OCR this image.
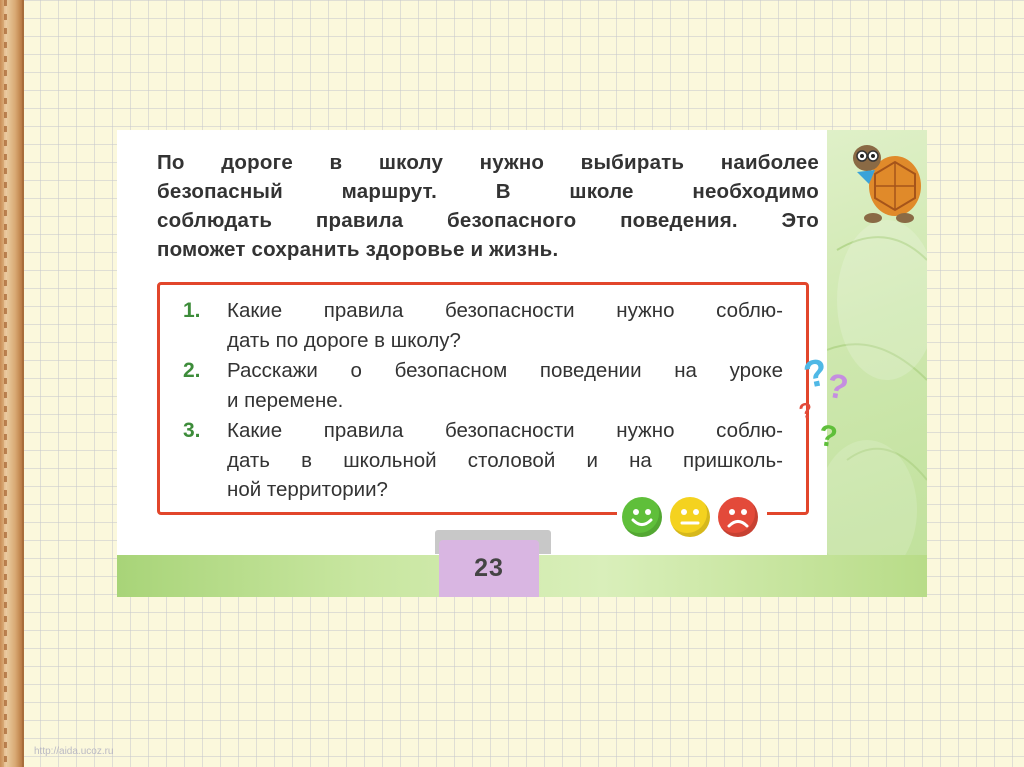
http://aida.ucoz.ru
По дороге в школу нужно выбирать наиболее
безопасный маршрут. В школе необходимо
соблюдать правила безопасного поведения. Это
поможет сохранить здоровье и жизнь.
1. Какие правила безопасности нужно соблю-
дать по дороге в школу?
2. Расскажи о безопасном поведении на уроке
и перемене.
3. Какие правила безопасности нужно соблю-
дать в школьной столовой и на пришколь-
ной территории?
?
?
?
?
23
